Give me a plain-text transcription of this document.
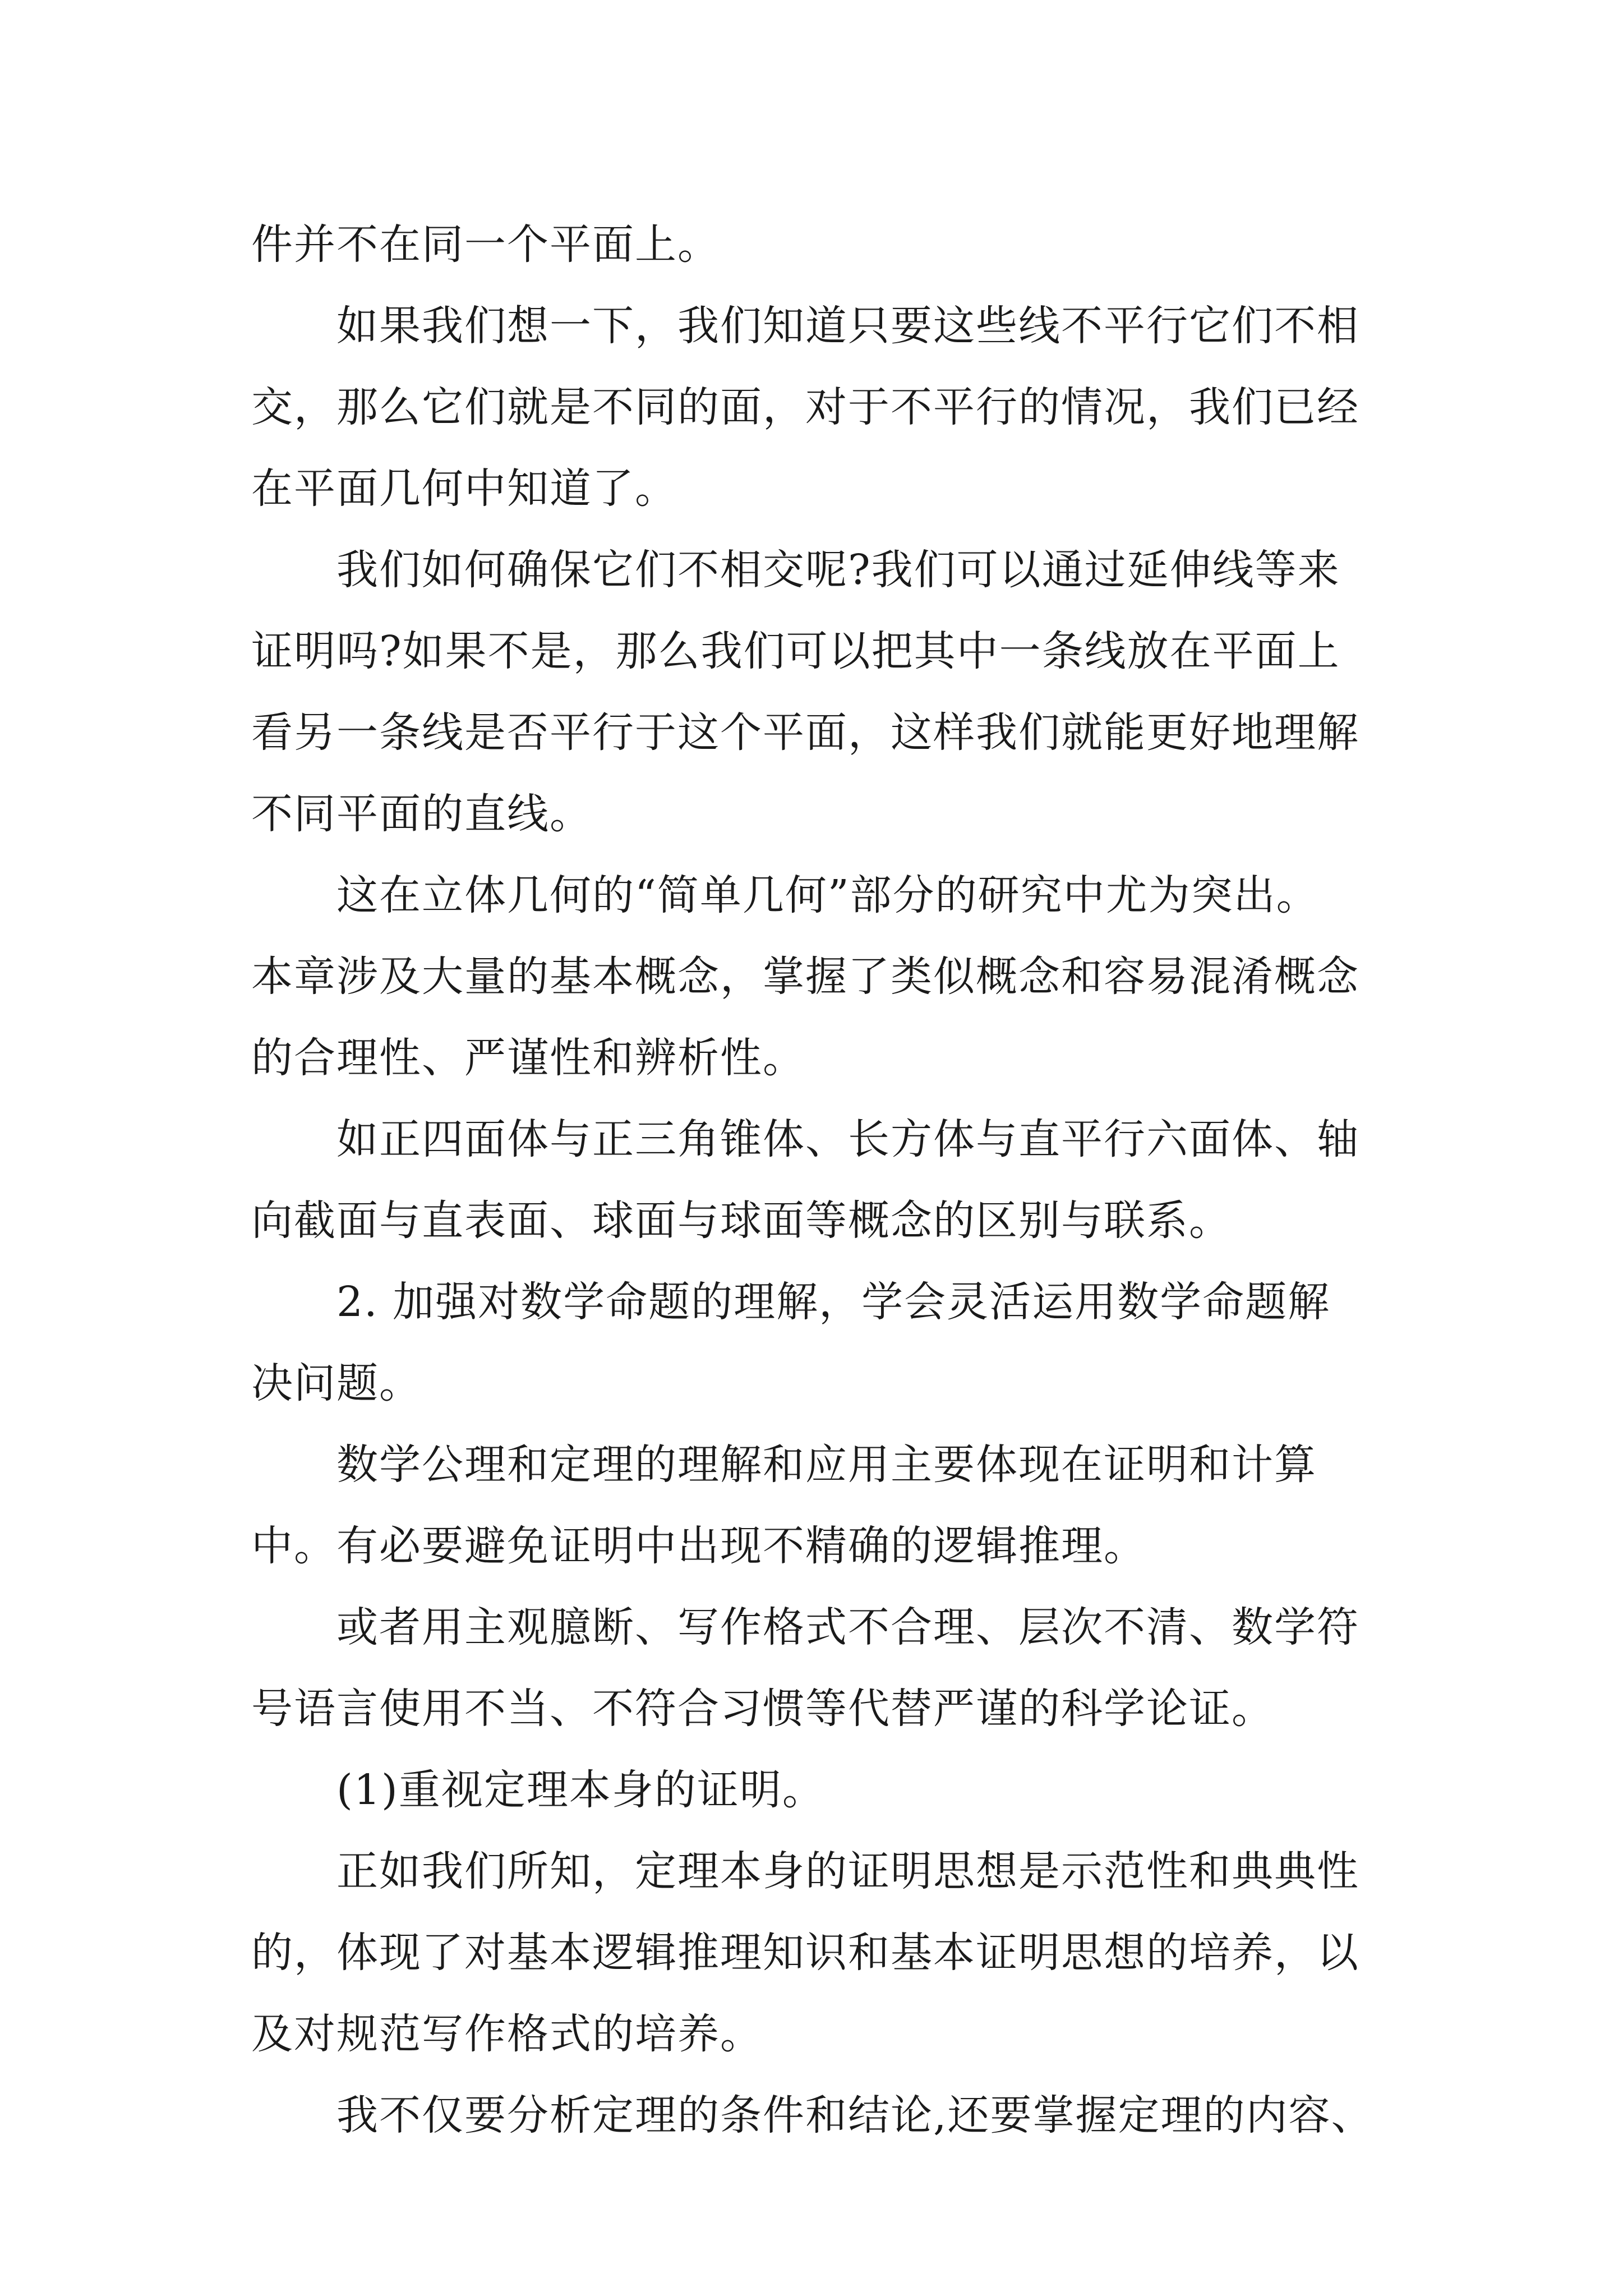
件并不在同一个平面上。
如果我们想一下，我们知道只要这些线不平行它们不相
交，那么它们就是不同的面，对于不平行的情况，我们已经
在平面几何中知道了。
我们如何确保它们不相交呢?我们可以通过延伸线等来
证明吗?如果不是，那么我们可以把其中一条线放在平面上
看另一条线是否平行于这个平面，这样我们就能更好地理解
不同平面的直线。
这在立体几何的“简单几何”部分的研究中尤为突出。
本章涉及大量的基本概念，掌握了类似概念和容易混淆概念
的合理性、严谨性和辨析性。
如正四面体与正三角锥体、长方体与直平行六面体、轴
向截面与直表面、球面与球面等概念的区别与联系。
2. 加强对数学命题的理解，学会灵活运用数学命题解
决问题。
数学公理和定理的理解和应用主要体现在证明和计算
中。有必要避免证明中出现不精确的逻辑推理。
或者用主观臆断、写作格式不合理、层次不清、数学符
号语言使用不当、不符合习惯等代替严谨的科学论证。
(1)重视定理本身的证明。
正如我们所知，定理本身的证明思想是示范性和典典性
的，体现了对基本逻辑推理知识和基本证明思想的培养，以
及对规范写作格式的培养。
我不仅要分析定理的条件和结论,还要掌握定理的内容、
